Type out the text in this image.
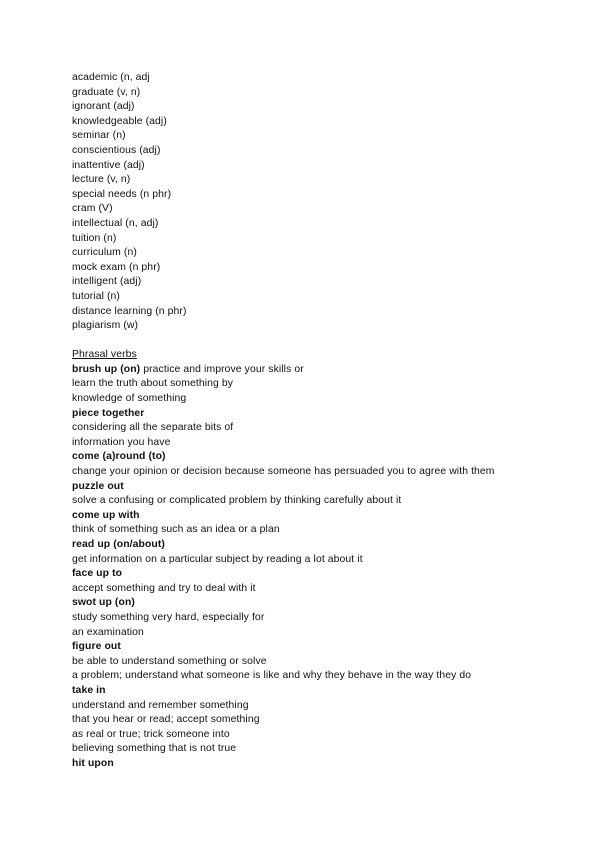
academic (n, adj
graduate (v, n)
ignorant (adj)
knowledgeable (adj)
seminar (n)
conscientious (adj)
inattentive (adj)
lecture (v, n)
special needs (n phr)
cram (V)
intellectual (n, adj)
tuition (n)
curriculum (n)
mock exam (n phr)
intelligent (adj)
tutorial (n)
distance learning (n phr)
plagiarism (w)
Phrasal verbs
brush up (on) practice and improve your skills or
learn the truth about something by
knowledge of something
piece together
considering all the separate bits of
information you have
come (a)round (to)
change your opinion or decision because someone has persuaded you to agree with them
puzzle out
solve a confusing or complicated problem by thinking carefully about it
come up with
think of something such as an idea or a plan
read up (on/about)
get information on a particular subject by reading a lot about it
face up to
accept something and try to deal with it
swot up (on)
study something very hard, especially for
an examination
figure out
be able to understand something or solve
a problem; understand what someone is like and why they behave in the way they do
take in
understand and remember something
that you hear or read; accept something
as real or true; trick someone into
believing something that is not true
hit upon
